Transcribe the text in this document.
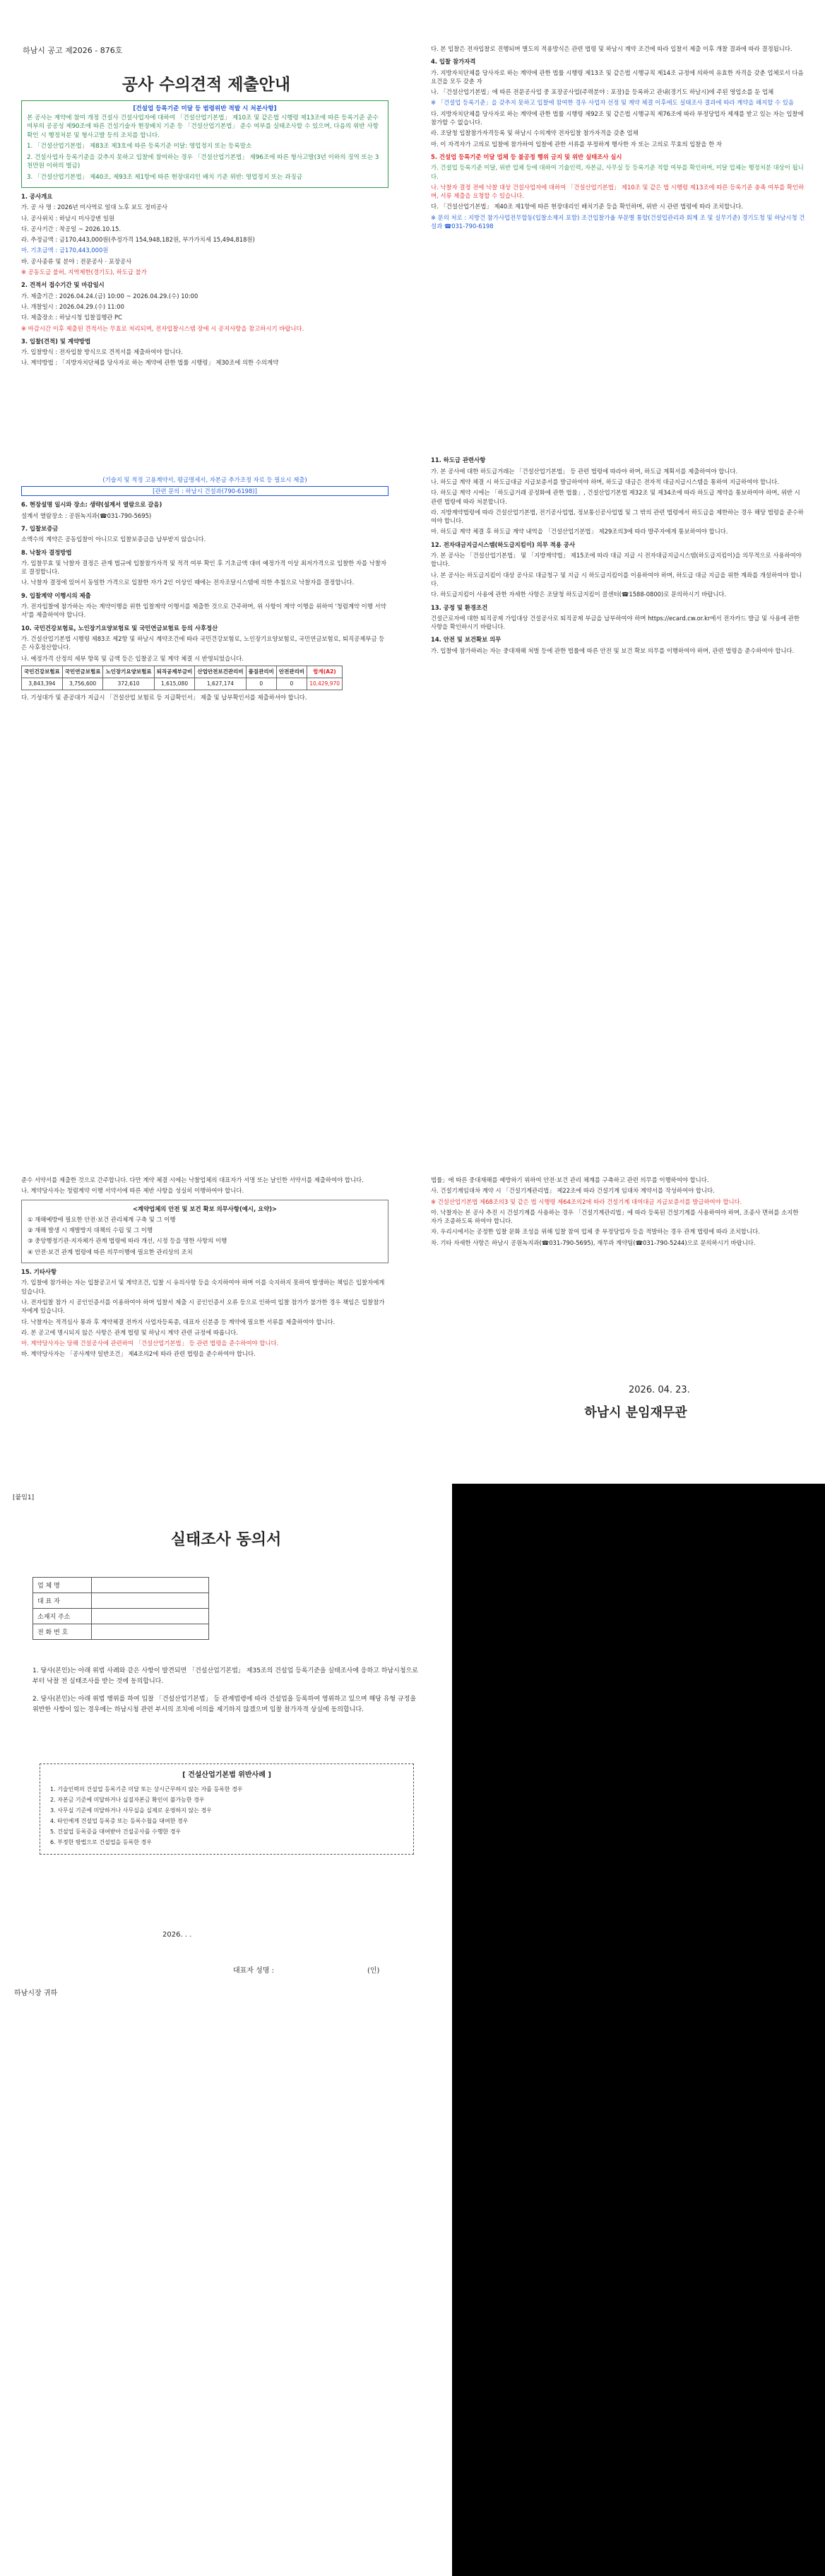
하남시 공고 제2026 - 876호
공사 수의견적 제출안내
[건설업 등록기준 미달 등 범령위반 적발 시 처분사항]

본 공사는 계약에 참여 개정 건설사 건설사업자에 대하여 「건설산업기본법」 제10조 및 같은법 시행령 제13조에 따른 등록기준 준수 여부의 공공성 제90조에 따른 건설기술자 현장배치 기준 등 「건설산업기본법」 준수 여부를 실태조사할 수 있으며, 다음의 위반 사항 확인 시 행정처분 및 형사고발 등의 조치를 합니다.

1. 「건설산업기본법」 제83조 제3호에 따른 등록기준 미달: 영업정지 또는 등록말소

2. 건설사업자 등록기준을 갖추지 못하고 입찰에 참여하는 경우 「건설산업기본법」 제96조에 따른 형사고발(3년 이하의 징역 또는 3천만원 이하의 벌금)

3. 「건설산업기본법」 제40조, 제93조 제1항에 따른 현장대리인 배치 기준 위반: 영업정지 또는 과징금

1. 공사개요

가. 공 사 명 : 2026년 미사역로 일대 노후 보도 정비공사

나. 공사위치 : 하남시 미사강변 일원

다. 공사기간 : 착공일 ~ 2026.10.15.

라. 추정금액 : 금170,443,000원(추정가격 154,948,182원, 부가가치세 15,494,818원)

마. 기초금액 : 금170,443,000원

바. 공사종류 및 분야 : 전문공사 · 포장공사

※ 공동도급 불허, 지역제한(경기도), 하도급 불가

2. 견적서 접수기간 및 마감일시

가. 제출기간 : 2026.04.24.(금) 10:00 ~ 2026.04.29.(수) 10:00

나. 개찰일시 : 2026.04.29.(수) 11:00

다. 제출장소 : 하남시청 입찰집행관 PC

※ 마감시간 이후 제출된 견적서는 무효로 처리되며, 전자입찰시스템 장애 시 공지사항을 참고하시기 바랍니다.

3. 입찰(견적) 및 계약방법

가. 입찰방식 : 전자입찰 방식으로 견적서를 제출하여야 합니다.

나. 계약방법 : 「지방자치단체를 당사자로 하는 계약에 관한 법률 시행령」 제30조에 의한 수의계약

(기술지 및 적정 고용계약서, 평급명세서, 자본금 추가조정 자료 등 필요시 제출)

[관련 문의 : 하남시 건설과(790-6198)]

6. 현장설명 일시와 장소: 생략(설계서 열람으로 갈음)

설계서 열람장소 : 공원녹지과(☎031-790-5695)

7. 입찰보증금

소액수의 계약은 공동입찰이 아니므로 입찰보증금을 납부받지 않습니다.

8. 낙찰자 결정방법

가. 입찰무효 및 낙찰자 결정은 관계 법규에 입찰참가자격 및 적격 여부 확인 후 기초금액 대비 예정가격 이상 최저가격으로 입찰한 자를 낙찰자로 결정합니다.

나. 낙찰자 결정에 있어서 동일한 가격으로 입찰한 자가 2인 이상인 때에는 전자조달시스템에 의한 추첨으로 낙찰자를 결정합니다.

9. 입찰계약 이행시의 제출

가. 전자입찰에 참가하는 자는 계약이행을 위한 입찰계약 이행서를 제출한 것으로 간주하며, 위 사항이 계약 이행을 위하여 '청렴계약 이행 서약서'를 제출하여야 합니다.

10. 국민건강보험료, 노인장기요양보험료 및 국민연금보험료 등의 사후정산

가. 건설산업기본법 시행령 제83조 제2항 및 하남시 계약조건에 따라 국민건강보험료, 노인장기요양보험료, 국민연금보험료, 퇴직공제부금 등은 사후정산합니다.

나. 예정가격 산정의 세부 항목 및 금액 등은 입찰공고 및 계약 체결 시 반영되었습니다.

국민건강보험료	국민연금보험료	노인장기요양보험료	퇴직공제부금비	산업안전보건관리비	품질관리비	안전관리비	합계(A2)
3,843,394	3,756,600	372,610	1,615,080	1,627,174	0	0	10,429,970

다. 기성대가 및 준공대가 지급시 「건설산업 보험료 등 지급확인서」 제출 및 납부확인서를 제출하셔야 합니다.

다. 본 입찰은 전자입찰로 진행되며 별도의 적용방식은 관련 법령 및 하남시 계약 조건에 따라 입찰서 제출 이후 개찰 결과에 따라 결정됩니다.

4. 입찰 참가자격

가. 지방자치단체를 당사자로 하는 계약에 관한 법률 시행령 제13조 및 같은법 시행규칙 제14조 규정에 의하여 유효한 자격을 갖춘 업체로서 다음 요건을 모두 갖춘 자

나. 「건설산업기본법」에 따른 전문공사업 중 포장공사업(주력분야 : 포장)을 등록하고 관내(경기도 하남시)에 주된 영업소를 둔 업체

※ 「건설업 등록기준」을 갖추지 못하고 입찰에 참여한 경우 사업자 선정 및 계약 체결 이후에도 실태조사 결과에 따라 계약을 해지할 수 있음

다. 지방자치단체를 당사자로 하는 계약에 관한 법률 시행령 제92조 및 같은법 시행규칙 제76조에 따라 부정당업자 제재를 받고 있는 자는 입찰에 참가할 수 없습니다.

라. 조달청 입찰참가자격등록 및 하남시 수의계약 전자입찰 참가자격을 갖춘 업체

마. 이 자격자가 고의로 입찰에 참가하여 입찰에 관한 서류를 부정하게 행사한 자 또는 고의로 무효의 입찰을 한 자

5. 건설업 등록기준 미달 업체 등 불공정 행위 금지 및 위반 실태조사 실시

가. 건설업 등록기준 미달, 위반 업체 등에 대하여 기술인력, 자본금, 사무실 등 등록기준 적합 여부를 확인하며, 미달 업체는 행정처분 대상이 됩니다.

나. 낙찰자 결정 전에 낙찰 대상 건설사업자에 대하여 「건설산업기본법」 제10조 및 같은 법 시행령 제13조에 따른 등록기준 충족 여부를 확인하며, 서류 제출을 요청할 수 있습니다.

다. 「건설산업기본법」 제40조 제1항에 따른 현장대리인 배치기준 등을 확인하며, 위반 시 관련 법령에 따라 조치합니다.

※ 문의 처로 : 지방건 참가사업전무합동(입찰소재지 포함) 조건입찰가율 부문별 통합(건설업관리과 회계 조 및 실무기준) 경기도청 및 하남시청 건설과 ☎031-790-6198

11. 하도급 관련사항

가. 본 공사에 대한 하도급거래는 「건설산업기본법」 등 관련 법령에 따라야 하며, 하도급 계획서를 제출하여야 합니다.

나. 하도급 계약 체결 시 하도급대금 지급보증서를 발급하여야 하며, 하도급 대금은 전자적 대금지급시스템을 통하여 지급하여야 합니다.

다. 하도급 계약 시에는 「하도급거래 공정화에 관한 법률」, 건설산업기본법 제32조 및 제34조에 따라 하도급 계약을 통보하여야 하며, 위반 시 관련 법령에 따라 처분합니다.

라. 지방계약법령에 따라 건설산업기본법, 전기공사업법, 정보통신공사업법 및 그 밖의 관련 법령에서 하도급을 제한하는 경우 해당 법령을 준수하여야 합니다.

마. 하도급 계약 체결 후 하도급 계약 내역을 「건설산업기본법」 제29조의3에 따라 발주자에게 통보하여야 합니다.

12. 전자대금지급시스템(하도급지킴이) 의무 적용 공사

가. 본 공사는 「건설산업기본법」 및 「지방계약법」 제15조에 따라 대금 지급 시 전자대금지급시스템(하도급지킴이)을 의무적으로 사용하여야 합니다.

나. 본 공사는 하도급지킴이 대상 공사로 대금청구 및 지급 시 하도급지킴이를 이용하여야 하며, 하도급 대금 지급을 위한 계좌를 개설하여야 합니다.

다. 하도급지킴이 사용에 관한 자세한 사항은 조달청 하도급지킴이 콜센터(☎1588-0800)로 문의하시기 바랍니다.

13. 공정 및 환경조건

건설근로자에 대한 퇴직공제 가입대상 건설공사로 퇴직공제 부금을 납부하여야 하며 https://ecard.cw.or.kr에서 전자카드 발급 및 사용에 관한 사항을 확인하시기 바랍니다.

14. 안전 및 보건확보 의무

가. 입찰에 참가하려는 자는 중대재해 처벌 등에 관한 법률에 따른 안전 및 보건 확보 의무를 이행하여야 하며, 관련 법령을 준수하여야 합니다.

준수 서약서를 제출한 것으로 간주합니다. 다만 계약 체결 시에는 낙찰업체의 대표자가 서명 또는 날인한 서약서를 제출하여야 합니다.

나. 계약당사자는 청렴계약 이행 서약서에 따른 제반 사항을 성실히 이행하여야 합니다.

<계약업체의 안전 및 보건 확보 의무사항(예시, 요약)>

① 재해예방에 필요한 안전·보건 관리체계 구축 및 그 이행

② 재해 발생 시 재발방지 대책의 수립 및 그 이행

③ 중앙행정기관·지자체가 관계 법령에 따라 개선, 시정 등을 명한 사항의 이행

④ 안전·보건 관계 법령에 따른 의무이행에 필요한 관리상의 조치

15. 기타사항

가. 입찰에 참가하는 자는 입찰공고서 및 계약조건, 입찰 시 유의사항 등을 숙지하여야 하며 이를 숙지하지 못하여 발생하는 책임은 입찰자에게 있습니다.

나. 전자입찰 참가 시 공인인증서를 이용하여야 하며 입찰서 제출 시 공인인증서 오류 등으로 인하여 입찰 참가가 불가한 경우 책임은 입찰참가자에게 있습니다.

다. 낙찰자는 적격심사 통과 후 계약체결 전까지 사업자등록증, 대표자 신분증 등 계약에 필요한 서류를 제출하여야 합니다.

라. 본 공고에 명시되지 않은 사항은 관계 법령 및 하남시 계약 관련 규정에 따릅니다.

마. 계약당사자는 당해 건설공사에 관련하여 「건설산업기본법」 등 관련 법령을 준수하여야 합니다.

바. 계약당사자는 「공사계약 일반조건」 제4조의2에 따라 관련 법령을 준수하여야 합니다.

법률」에 따른 중대재해를 예방하기 위하여 안전·보건 관리 체계를 구축하고 관련 의무를 이행하여야 합니다.

사. 건설기계임대차 계약 시 「건설기계관리법」 제22조에 따라 건설기계 임대차 계약서를 작성하여야 합니다.

※ 건설산업기본법 제68조의3 및 같은 법 시행령 제64조의2에 따라 건설기계 대여대금 지급보증서를 발급하여야 합니다.

아. 낙찰자는 본 공사 추진 시 건설기계를 사용하는 경우 「건설기계관리법」에 따라 등록된 건설기계를 사용하여야 하며, 조종사 면허를 소지한 자가 조종하도록 하여야 합니다.

자. 우리시에서는 공정한 입찰 문화 조성을 위해 입찰 참여 업체 중 부정당업자 등을 적발하는 경우 관계 법령에 따라 조치합니다.

차. 기타 자세한 사항은 하남시 공원녹지과(☎031-790-5695), 재무과 계약팀(☎031-790-5244)으로 문의하시기 바랍니다.

2026. 04. 23.
하남시 분임재무관
[붙임1]
실태조사 동의서
업 체 명	
대 표 자	
소재지 주소	
전 화 번 호	

1. 당사(본인)는 아래 위법 사례와 같은 사항이 발견되면 「건설산업기본법」 제35조의 건설업 등록기준을 실태조사에 응하고 하남시청으로부터 낙찰 전 실태조사를 받는 것에 동의합니다.

2. 당사(본인)는 아래 위법 행위를 하여 입찰 「건설산업기본법」 등 관계법령에 따라 건설업을 등록하여 영위하고 있으며 해당 유형 규정을 위반한 사항이 있는 경우에는 하남시청 관련 부서의 조치에 이의를 제기하지 않겠으며 입찰 참가자격 상실에 동의합니다.

[ 건설산업기본법 위반사례 ]

1. 기술인력의 건설업 등록기준 미달 또는 상시근무하지 않는 자를 등록한 경우

2. 자본금 기준에 미달하거나 실질자본금 확인이 불가능한 경우

3. 사무실 기준에 미달하거나 사무실을 실제로 운영하지 않는 경우

4. 타인에게 건설업 등록증 또는 등록수첩을 대여한 경우

5. 건설업 등록증을 대여받아 건설공사를 수행한 경우

6. 부정한 방법으로 건설업을 등록한 경우

2026. . .
대표자 성명 :	(인)
하남시장 귀하
